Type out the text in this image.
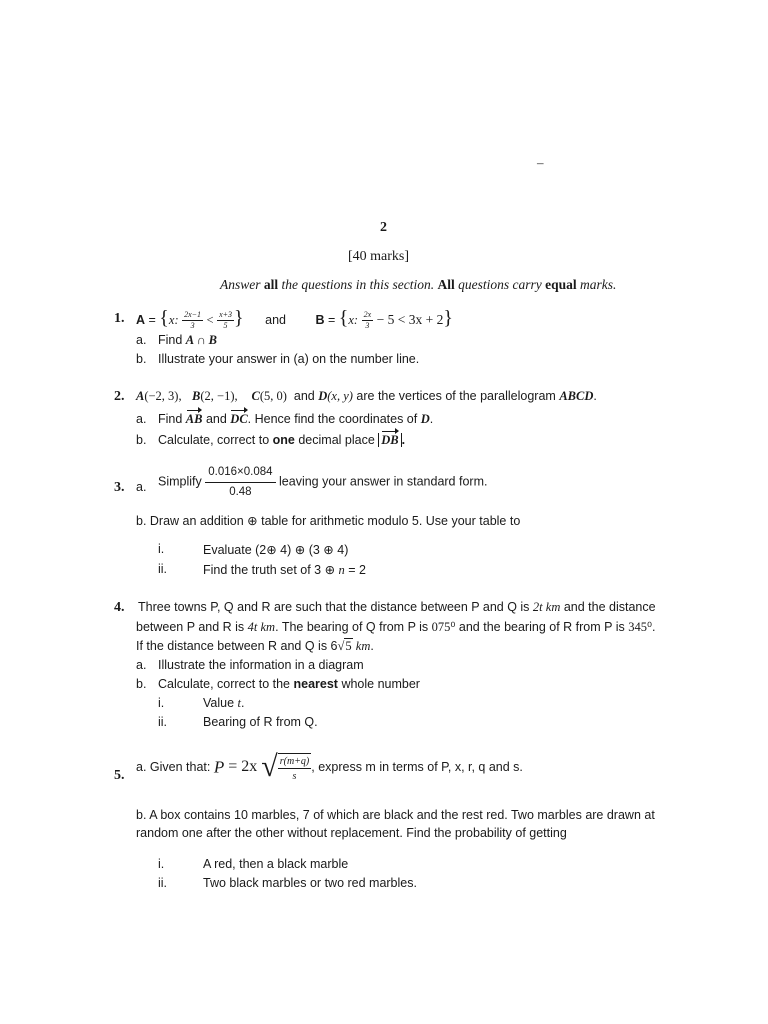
–
2
[40 marks]
Answer all the questions in this section. All questions carry equal marks.
1. A = {x: $\frac{2x-1}{3} < \frac{x+3}{5}$ } and B = {x: $\frac{2x}{3} - 5 < 3x + 2$}
a. Find A ∩ B
b. Illustrate your answer in (a) on the number line.
2. A(−2, 3), B(2, −1), C(5, 0) and D(x, y) are the vertices of the parallelogram ABCD.
a. Find AB and DC. Hence find the coordinates of D.
b. Calculate, correct to one decimal place DB .
3. a. Simplify $\frac{0.016\times 0.084}{0.48}$ leaving your answer in standard form.
b. Draw an addition ⊕ table for arithmetic modulo 5. Use your table to
i.	Evaluate (2⊕ 4) ⊕ (3 ⊕ 4)
ii.	Find the truth set of 3 ⊕ n = 2
4. Three towns P, Q and R are such that the distance between P and Q is 2t km and the distance
between P and R is 4t km. The bearing of Q from P is 075⁰ and the bearing of R from P is 345⁰.
If the distance between R and Q is 6√5 km.
a. Illustrate the information in a diagram
b. Calculate, correct to the nearest whole number
i.	Value t.
ii.	Bearing of R from Q.
5.
a. Given that: P = 2x √ $\frac{r(m+q)}{s}$ , express m in terms of P, x, r, q and s.
b. A box contains 10 marbles, 7 of which are black and the rest red. Two marbles are drawn at
random one after the other without replacement. Find the probability of getting
i.	A red, then a black marble
ii.	Two black marbles or two red marbles.
